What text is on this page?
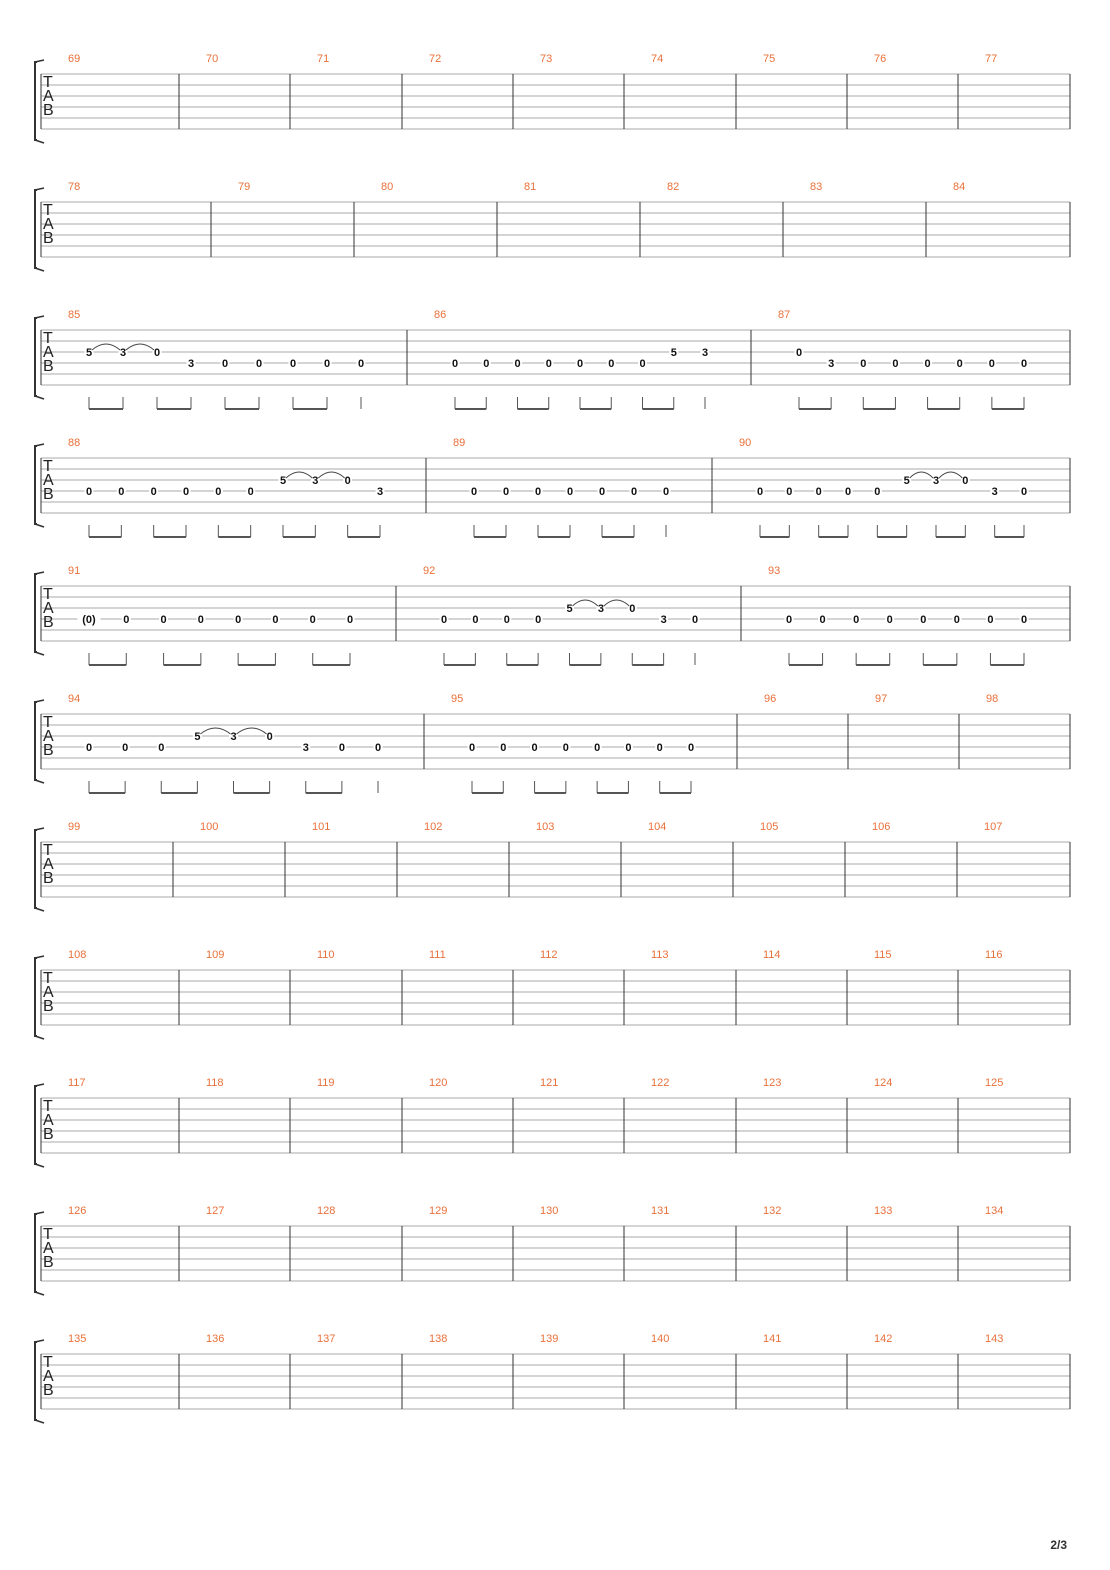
T
A
B
69	70	71	72	73	74	75	76	77
T
A
B
78	79	80	81	82	83	84
T
A
B
85
5	3	0
3	0	0	0	0	0
86
0 0 0 0 0 0 0
5 3
87
0
3 0 0 0 0 0 0
T
A
B
88
0 0 0 0 0 0
5 3 0
3
89
0 0 0 0 0 0 0
90
0 0 0 0 0
5 3 0
3 0
T
A
B
91
(0) 0	0	0	0	0	0	0
92
0 0 0 0
5 3 0
3 0
93
0 0 0 0 0 0 0 0
T
A
B
94
0	0	0
5	3	0
3	0	0
95
0 0 0 0 0 0 0 0
96	97	98
T
A
B
99	100	101	102	103	104	105	106	107
T
A
B
108	109	110	111	112	113	114	115	116
T
A
B
117	118	119	120	121	122	123	124	125
T
A
B
126	127	128	129	130	131	132	133	134
T
A
B
135	136	137	138	139	140	141	142	143
2/3
